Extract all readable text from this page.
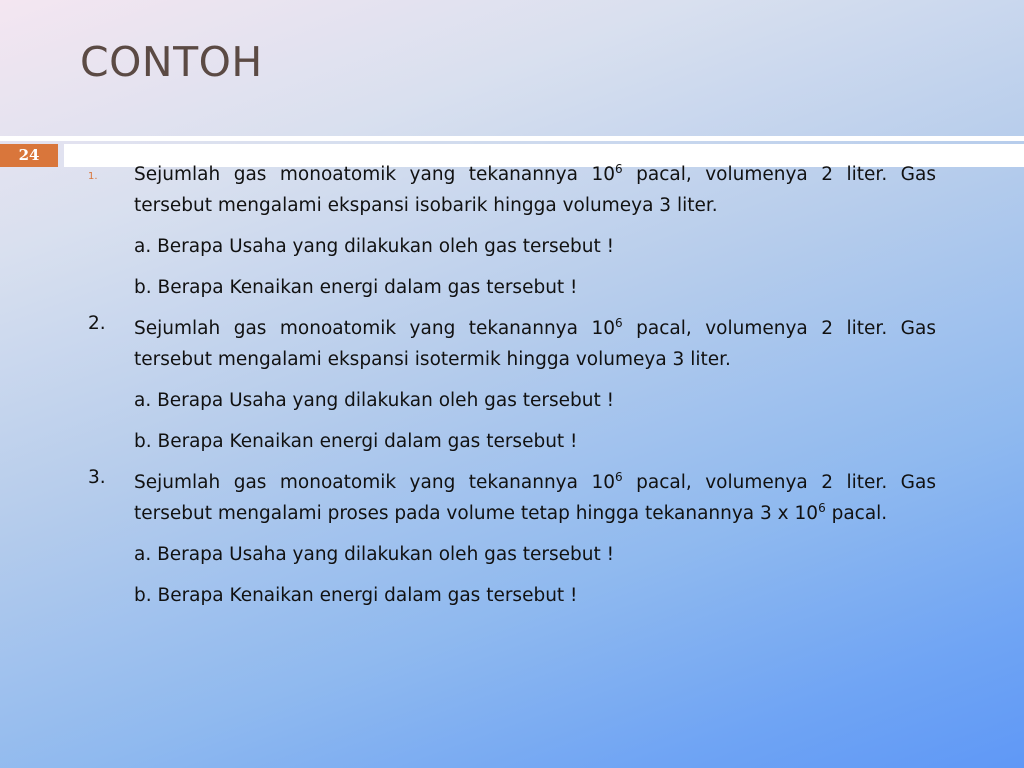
CONTOH
24
1. Sejumlah gas monoatomik yang tekanannya $10^6$ pacal, volumenya 2 liter. Gas tersebut mengalami ekspansi isobarik hingga volumeya 3 liter.
a. Berapa Usaha yang dilakukan oleh gas tersebut !
b. Berapa Kenaikan energi dalam gas tersebut !
2. Sejumlah gas monoatomik yang tekanannya $10^6$ pacal, volumenya 2 liter. Gas tersebut mengalami ekspansi isotermik hingga volumeya 3 liter.
a. Berapa Usaha yang dilakukan oleh gas tersebut !
b. Berapa Kenaikan energi dalam gas tersebut !
3. Sejumlah gas monoatomik yang tekanannya $10^6$ pacal, volumenya 2 liter. Gas tersebut mengalami proses pada volume tetap hingga tekanannya 3 x $10^6$ pacal.
a. Berapa Usaha yang dilakukan oleh gas tersebut !
b. Berapa Kenaikan energi dalam gas tersebut !
